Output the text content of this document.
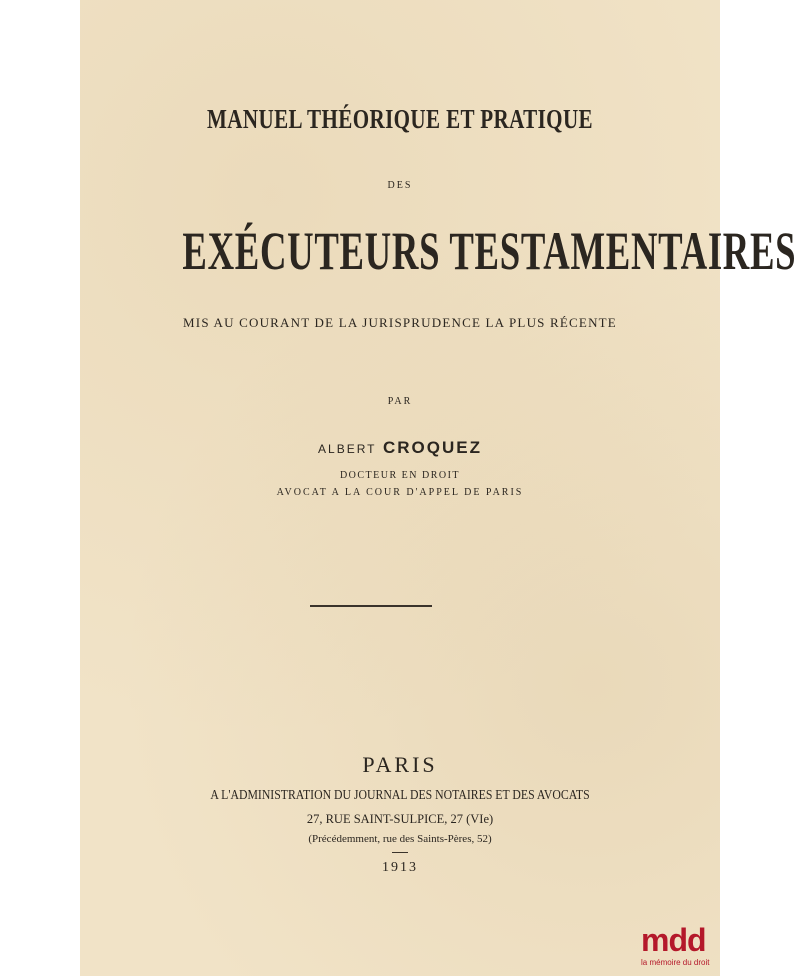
MANUEL THÉORIQUE ET PRATIQUE
DES
EXÉCUTEURS TESTAMENTAIRES
MIS AU COURANT DE LA JURISPRUDENCE LA PLUS RÉCENTE
PAR
ALBERT CROQUEZ
DOCTEUR EN DROIT
AVOCAT A LA COUR D'APPEL DE PARIS
PARIS
A L'ADMINISTRATION DU JOURNAL DES NOTAIRES ET DES AVOCATS
27, RUE SAINT-SULPICE, 27 (VIe)
(Précédemment, rue des Saints-Pères, 52)
1913
mdd
la mémoire du droit
